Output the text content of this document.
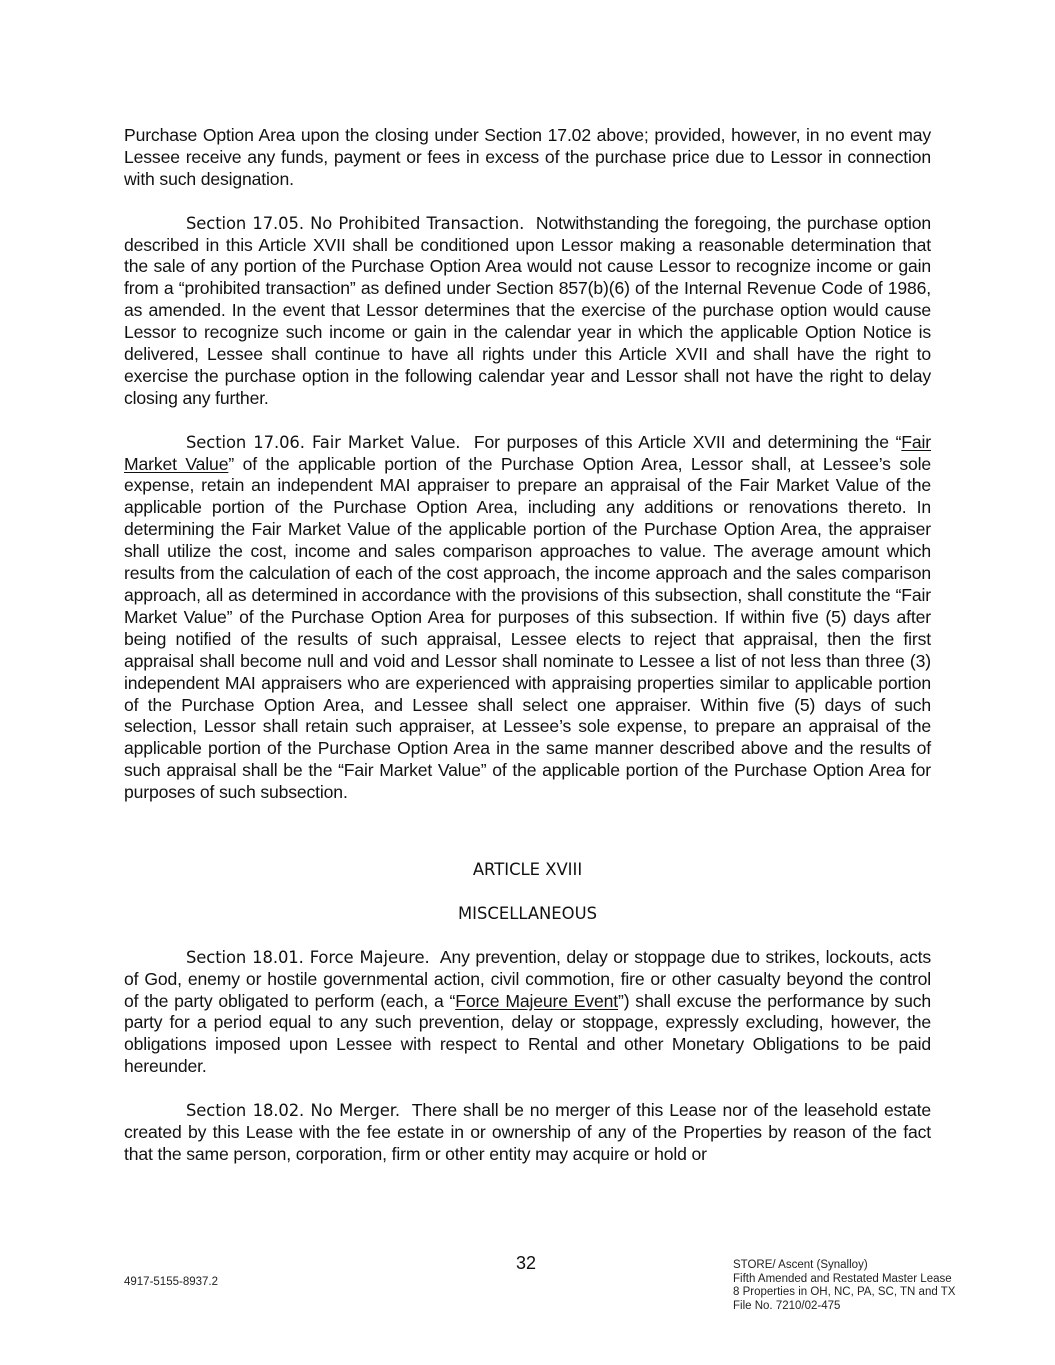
Purchase Option Area upon the closing under Section 17.02 above; provided, however, in no event may Lessee receive any funds, payment or fees in excess of the purchase price due to Lessor in connection with such designation.

Section 17.05. No Prohibited Transaction. Notwithstanding the foregoing, the purchase option described in this Article XVII shall be conditioned upon Lessor making a reasonable determination that the sale of any portion of the Purchase Option Area would not cause Lessor to recognize income or gain from a “prohibited transaction” as defined under Section 857(b)(6) of the Internal Revenue Code of 1986, as amended. In the event that Lessor determines that the exercise of the purchase option would cause Lessor to recognize such income or gain in the calendar year in which the applicable Option Notice is delivered, Lessee shall continue to have all rights under this Article XVII and shall have the right to exercise the purchase option in the following calendar year and Lessor shall not have the right to delay closing any further.

Section 17.06. Fair Market Value. For purposes of this Article XVII and determining the “Fair Market Value” of the applicable portion of the Purchase Option Area, Lessor shall, at Lessee’s sole expense, retain an independent MAI appraiser to prepare an appraisal of the Fair Market Value of the applicable portion of the Purchase Option Area, including any additions or renovations thereto. In determining the Fair Market Value of the applicable portion of the Purchase Option Area, the appraiser shall utilize the cost, income and sales comparison approaches to value. The average amount which results from the calculation of each of the cost approach, the income approach and the sales comparison approach, all as determined in accordance with the provisions of this subsection, shall constitute the “Fair Market Value” of the Purchase Option Area for purposes of this subsection. If within five (5) days after being notified of the results of such appraisal, Lessee elects to reject that appraisal, then the first appraisal shall become null and void and Lessor shall nominate to Lessee a list of not less than three (3) independent MAI appraisers who are experienced with appraising properties similar to applicable portion of the Purchase Option Area, and Lessee shall select one appraiser. Within five (5) days of such selection, Lessor shall retain such appraiser, at Lessee’s sole expense, to prepare an appraisal of the applicable portion of the Purchase Option Area in the same manner described above and the results of such appraisal shall be the “Fair Market Value” of the applicable portion of the Purchase Option Area for purposes of such subsection.

ARTICLE XVIII

MISCELLANEOUS

Section 18.01. Force Majeure. Any prevention, delay or stoppage due to strikes, lockouts, acts of God, enemy or hostile governmental action, civil commotion, fire or other casualty beyond the control of the party obligated to perform (each, a “Force Majeure Event”) shall excuse the performance by such party for a period equal to any such prevention, delay or stoppage, expressly excluding, however, the obligations imposed upon Lessee with respect to Rental and other Monetary Obligations to be paid hereunder.

Section 18.02. No Merger. There shall be no merger of this Lease nor of the leasehold estate created by this Lease with the fee estate in or ownership of any of the Properties by reason of the fact that the same person, corporation, firm or other entity may acquire or hold or

4917-5155-8937.2
32	STORE/ Ascent (Synalloy)
Fifth Amended and Restated Master Lease
8 Properties in OH, NC, PA, SC, TN and TX
File No. 7210/02-475
